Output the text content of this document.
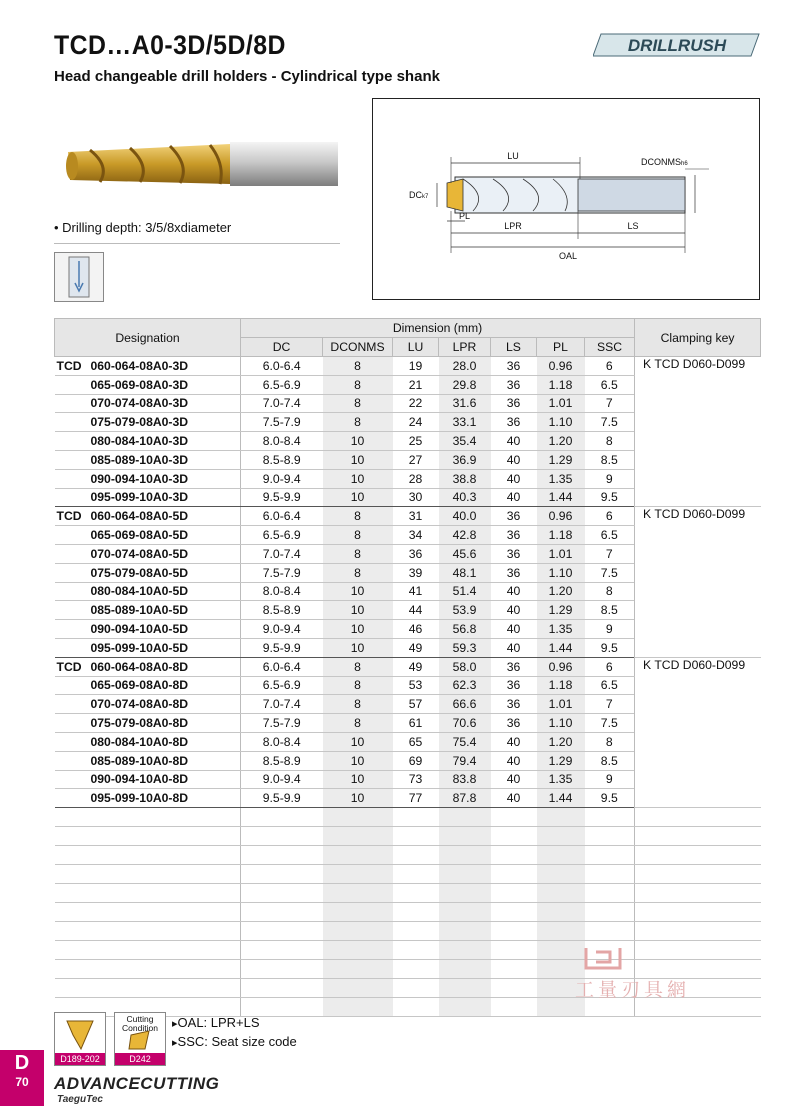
TCD…A0-3D/5D/8D
Head changeable drill holders - Cylindrical type shank
DRILLRUSH
• Drilling depth: 3/5/8xdiameter
LU
DCONMSh6
DCk7
PL
LPR	LS
OAL
Designation	Dimension (mm)							Clamping key
	DC	DCONMS	LU	LPR	LS	PL	SSC	
TCD 060-064-08A0-3D	6.0-6.4	8	19	28.0	36	0.96	6	K TCD D060-D099
065-069-08A0-3D	6.5-6.9	8	21	29.8	36	1.18	6.5	
070-074-08A0-3D	7.0-7.4	8	22	31.6	36	1.01	7	
075-079-08A0-3D	7.5-7.9	8	24	33.1	36	1.10	7.5	
080-084-10A0-3D	8.0-8.4	10	25	35.4	40	1.20	8	
085-089-10A0-3D	8.5-8.9	10	27	36.9	40	1.29	8.5	
090-094-10A0-3D	9.0-9.4	10	28	38.8	40	1.35	9	
095-099-10A0-3D	9.5-9.9	10	30	40.3	40	1.44	9.5	
TCD 060-064-08A0-5D	6.0-6.4	8	31	40.0	36	0.96	6	K TCD D060-D099
065-069-08A0-5D	6.5-6.9	8	34	42.8	36	1.18	6.5	
070-074-08A0-5D	7.0-7.4	8	36	45.6	36	1.01	7	
075-079-08A0-5D	7.5-7.9	8	39	48.1	36	1.10	7.5	
080-084-10A0-5D	8.0-8.4	10	41	51.4	40	1.20	8	
085-089-10A0-5D	8.5-8.9	10	44	53.9	40	1.29	8.5	
090-094-10A0-5D	9.0-9.4	10	46	56.8	40	1.35	9	
095-099-10A0-5D	9.5-9.9	10	49	59.3	40	1.44	9.5	
TCD 060-064-08A0-8D	6.0-6.4	8	49	58.0	36	0.96	6	K TCD D060-D099
065-069-08A0-8D	6.5-6.9	8	53	62.3	36	1.18	6.5	
070-074-08A0-8D	7.0-7.4	8	57	66.6	36	1.01	7	
075-079-08A0-8D	7.5-7.9	8	61	70.6	36	1.10	7.5	
080-084-10A0-8D	8.0-8.4	10	65	75.4	40	1.20	8	
085-089-10A0-8D	8.5-8.9	10	69	79.4	40	1.29	8.5	
090-094-10A0-8D	9.0-9.4	10	73	83.8	40	1.35	9	
095-099-10A0-8D	9.5-9.9	10	77	87.8	40	1.44	9.5	

工量刃具網
D189-202
Cutting Condition
D242
▸ OAL: LPR+LS
▸ SSC: Seat size code
D
70	ADVANCECUTTING
TaeguTec
